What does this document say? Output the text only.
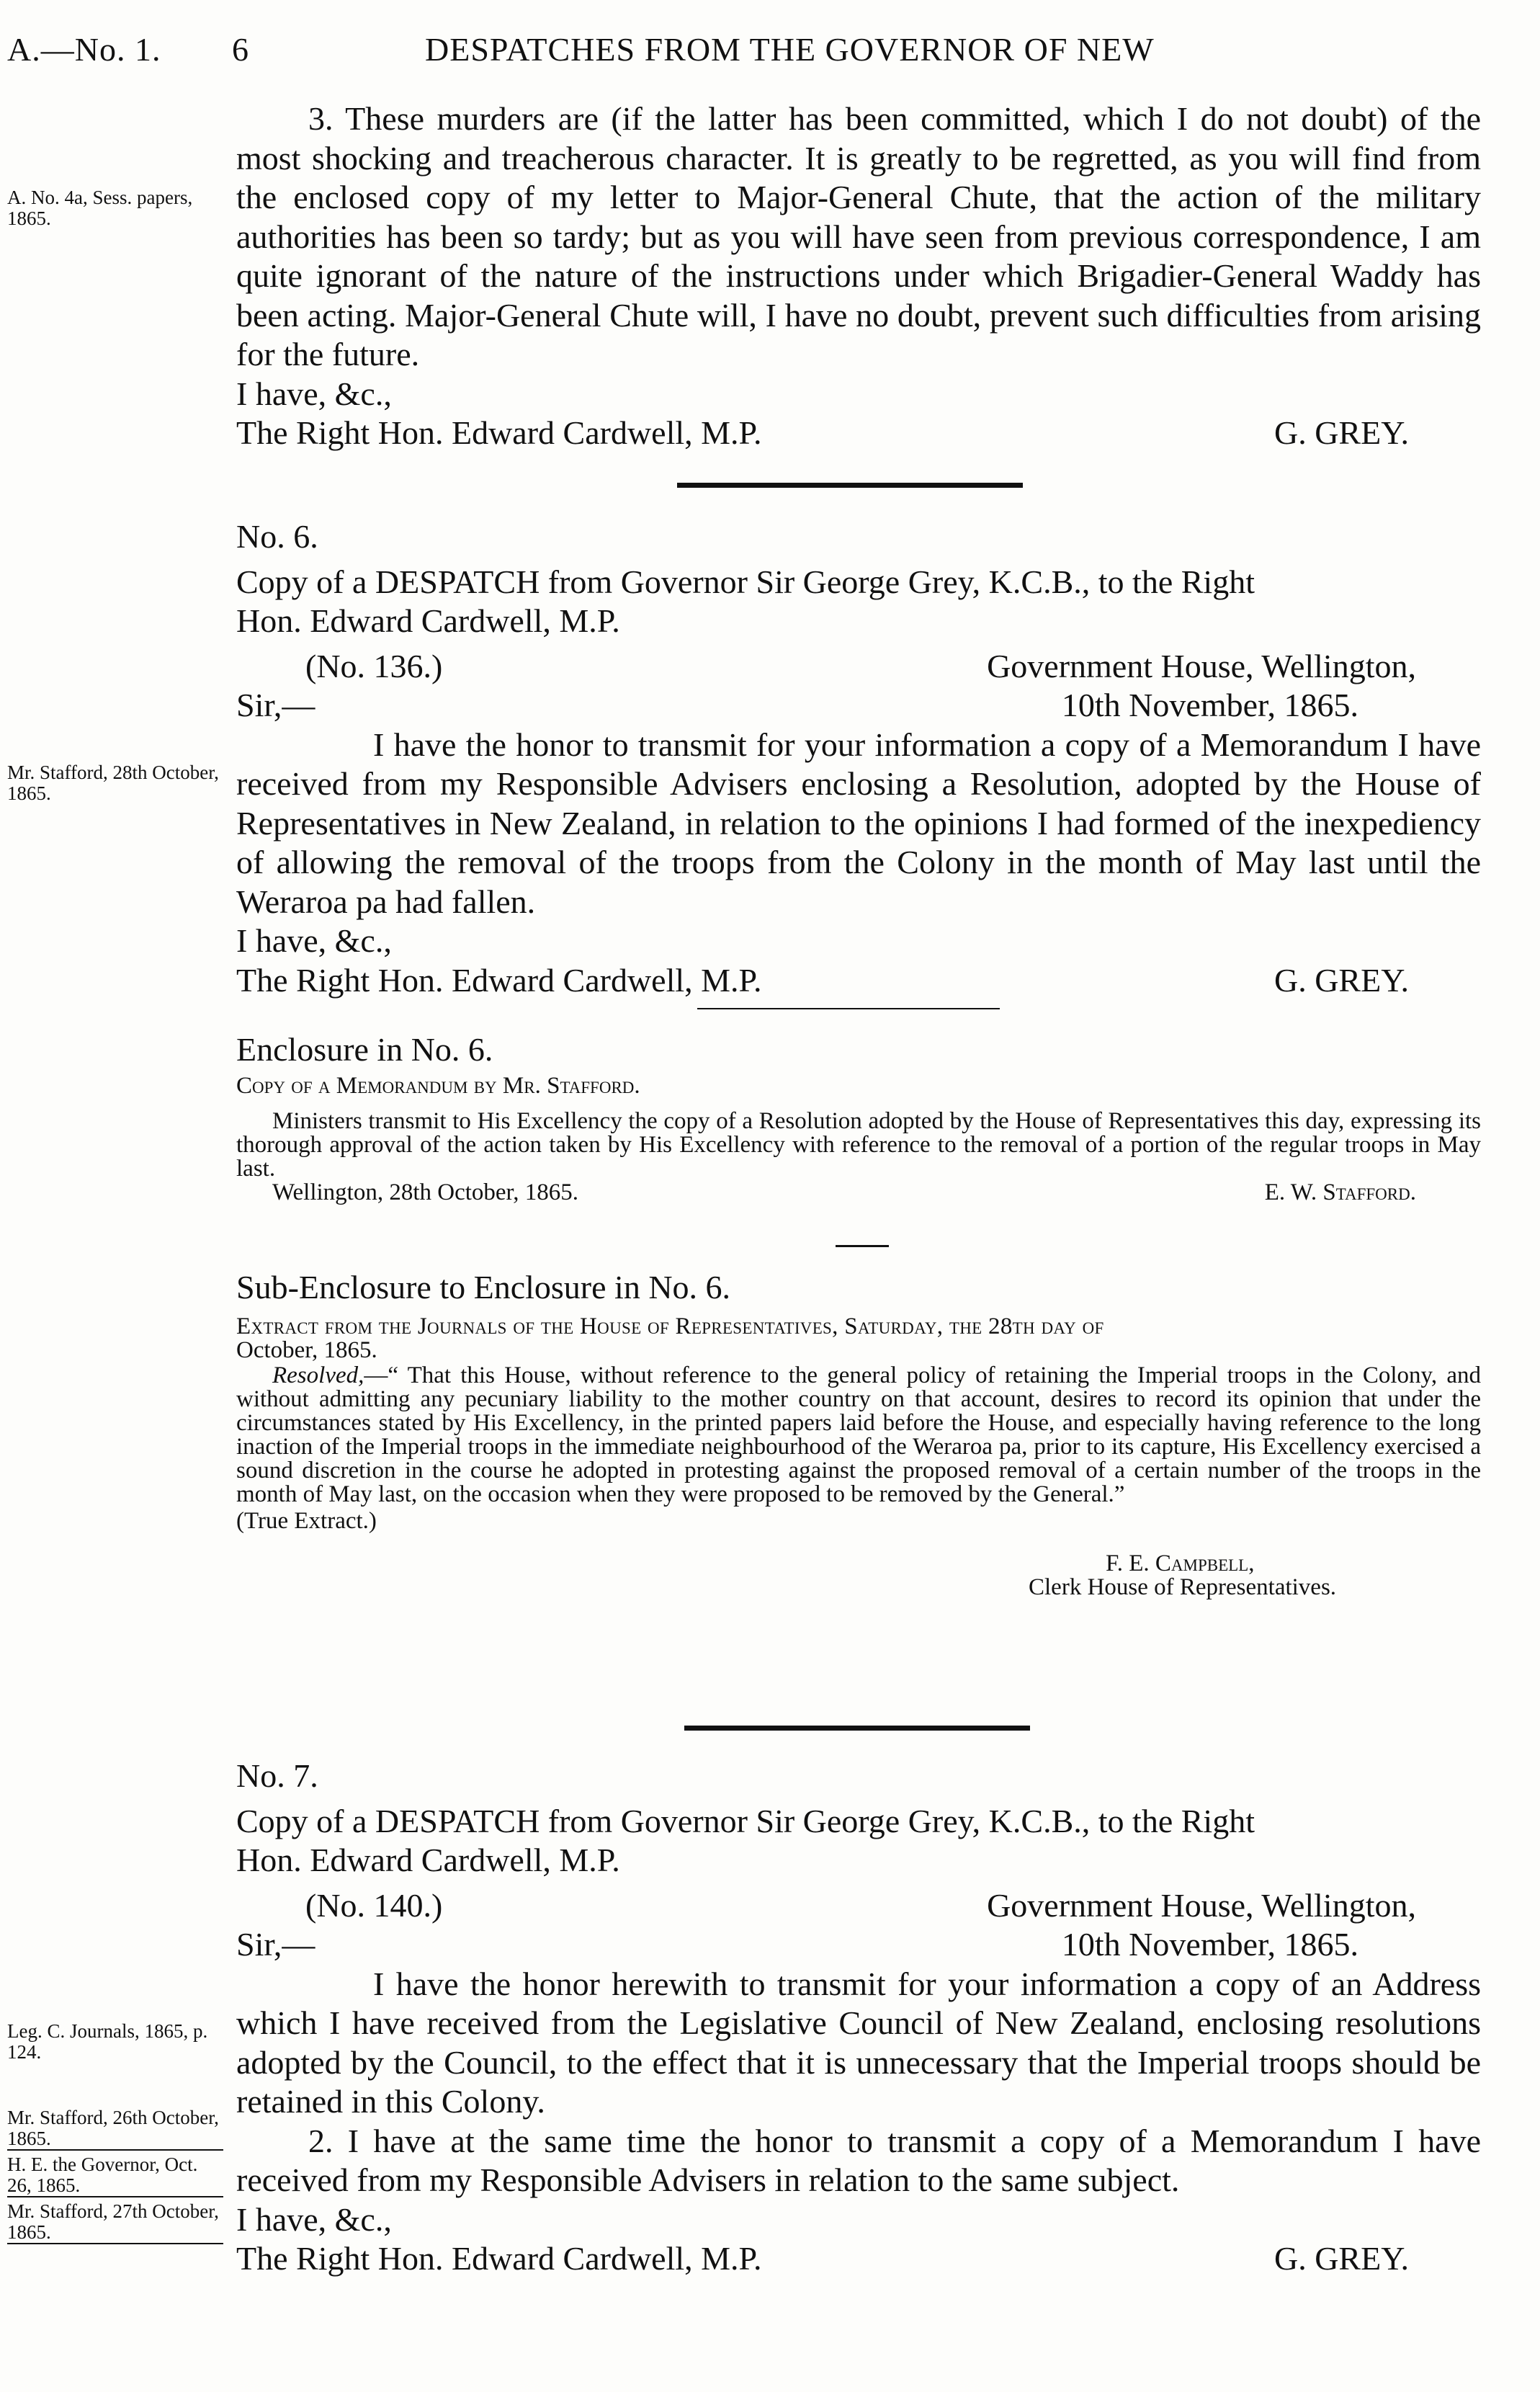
A.—No. 1. 6	DESPATCHES FROM THE GOVERNOR OF NEW
A. No. 4a, Sess. papers, 1865.

3. These murders are (if the latter has been committed, which I do not doubt) of the most shocking and treacherous character. It is greatly to be regretted, as you will find from the enclosed copy of my letter to Major-General Chute, that the action of the military authorities has been so tardy; but as you will have seen from previous correspondence, I am quite ignorant of the nature of the instructions under which Brigadier-General Waddy has been acting. Major-General Chute will, I have no doubt, prevent such difficulties from arising for the future.

I have, &c.,
The Right Hon. Edward Cardwell, M.P.	G. GREY.
No. 6.
Copy of a DESPATCH from Governor Sir George Grey, K.C.B., to the Right
Hon. Edward Cardwell, M.P.
(No. 136.)	Government House, Wellington,
Sir,—	10th November, 1865.

I have the honor to transmit for your information a copy of a Memorandum I have received from my Responsible Advisers enclosing a Resolution, adopted by the House of Representatives in New Zealand, in relation to the opinions I had formed of the inexpediency of allowing the removal of the troops from the Colony in the month of May last until the Weraroa pa had fallen.

I have, &c.,
The Right Hon. Edward Cardwell, M.P.	G. GREY.
Mr. Stafford, 28th October, 1865.
Enclosure in No. 6.
Copy of a Memorandum by Mr. Stafford.

Ministers transmit to His Excellency the copy of a Resolution adopted by the House of Representatives this day, expressing its thorough approval of the action taken by His Excellency with reference to the removal of a portion of the regular troops in May last.

Wellington, 28th October, 1865.	E. W. Stafford.
Sub-Enclosure to Enclosure in No. 6.
Extract from the Journals of the House of Representatives, Saturday, the 28th day of
October, 1865.

Resolved,—“ That this House, without reference to the general policy of retaining the Imperial troops in the Colony, and without admitting any pecuniary liability to the mother country on that account, desires to record its opinion that under the circumstances stated by His Excellency, in the printed papers laid before the House, and especially having reference to the long inaction of the Imperial troops in the immediate neighbourhood of the Weraroa pa, prior to its capture, His Excellency exercised a sound discretion in the course he adopted in protesting against the proposed removal of a certain number of the troops in the month of May last, on the occasion when they were proposed to be removed by the General.”

(True Extract.)
F. E. Campbell,
Clerk House of Representatives.
No. 7.
Copy of a DESPATCH from Governor Sir George Grey, K.C.B., to the Right
Hon. Edward Cardwell, M.P.
(No. 140.)	Government House, Wellington,
Sir,—	10th November, 1865.

I have the honor herewith to transmit for your information a copy of an Address which I have received from the Legislative Council of New Zealand, enclosing resolutions adopted by the Council, to the effect that it is unnecessary that the Imperial troops should be retained in this Colony.

2. I have at the same time the honor to transmit a copy of a Memorandum I have received from my Responsible Advisers in relation to the same subject.

I have, &c.,
The Right Hon. Edward Cardwell, M.P.	G. GREY.
Leg. C. Journals, 1865, p. 124.
Mr. Stafford, 26th October, 1865.
H. E. the Governor, Oct. 26, 1865.
Mr. Stafford, 27th October, 1865.
